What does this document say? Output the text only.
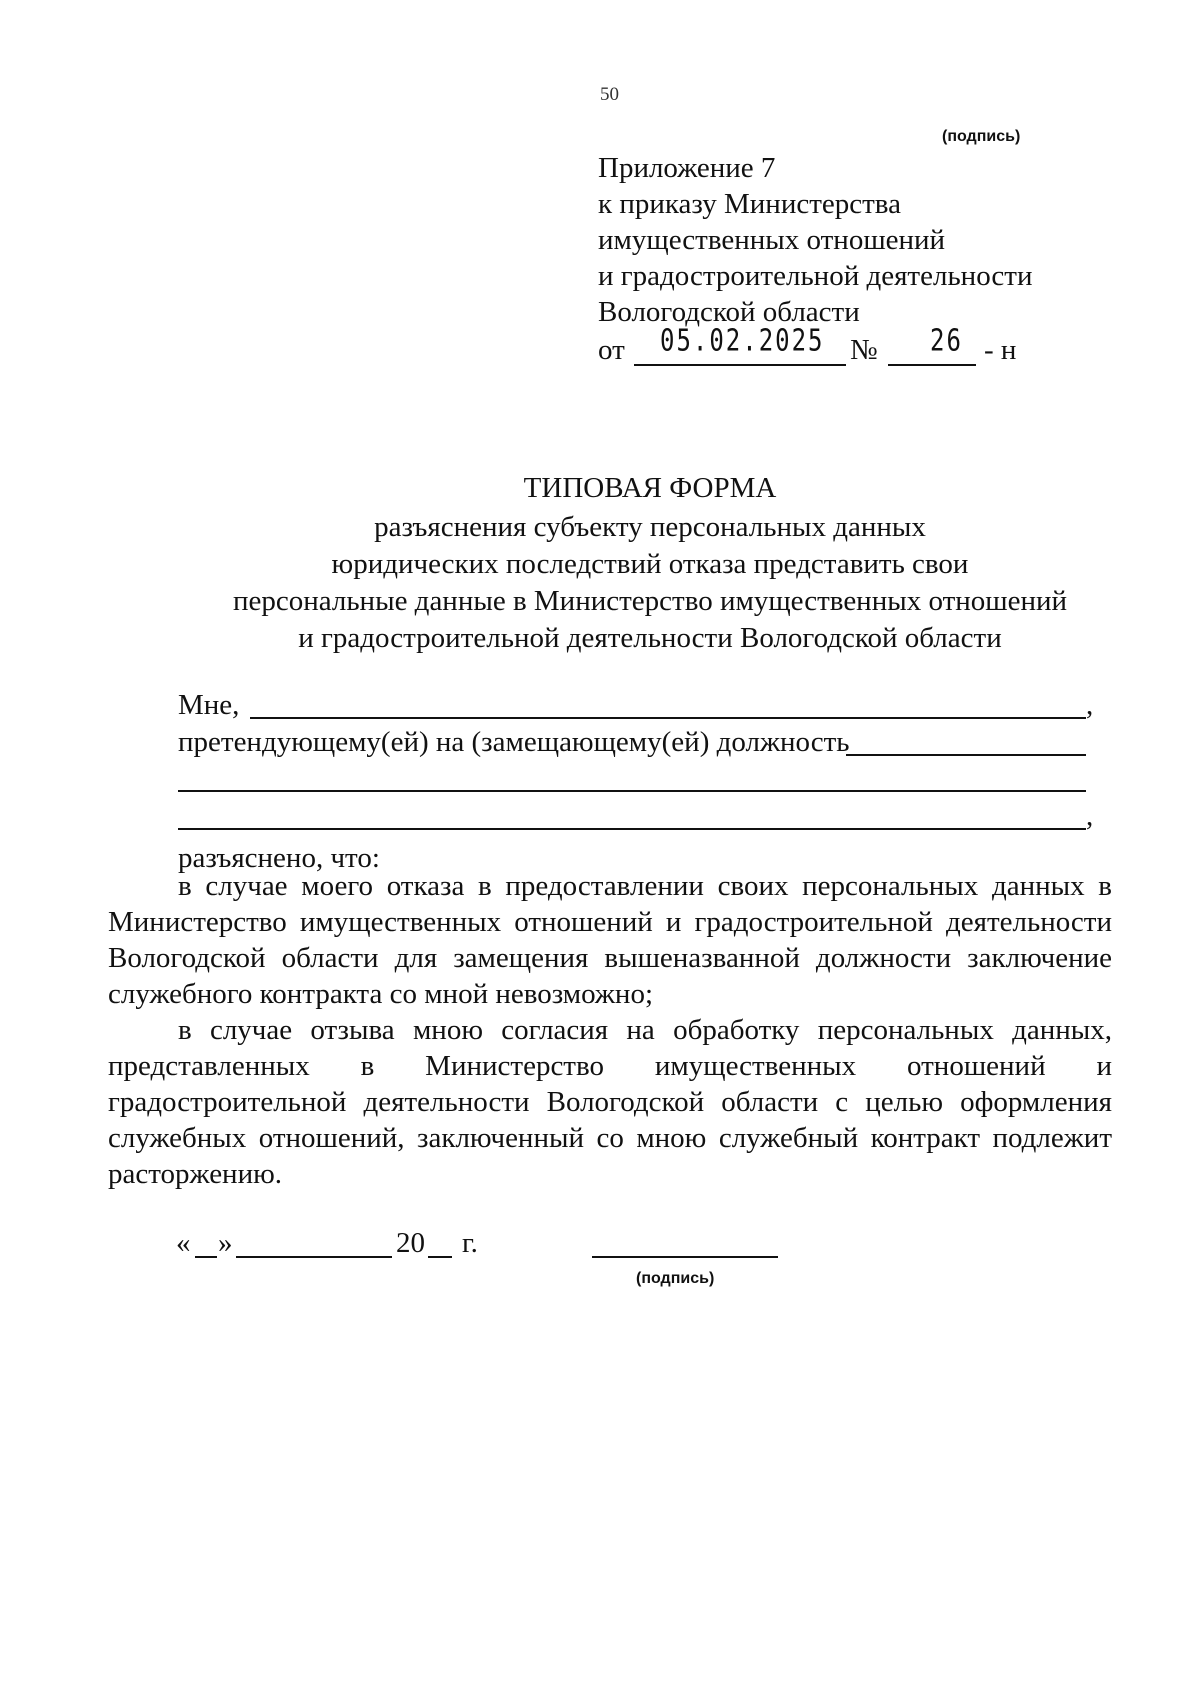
50
(подпись)
Приложение 7
к приказу Министерства
имущественных отношений
и градостроительной деятельности
Вологодской области
от 05.02.2025 № 26 - н
ТИПОВАЯ ФОРМА
разъяснения субъекту персональных данных
юридических последствий отказа представить свои
персональные данные в Министерство имущественных отношений
и градостроительной деятельности Вологодской области
Мне,	,
претендующему(ей) на (замещающему(ей) должность
,
разъяснено, что:
в случае моего отказа в предоставлении своих персональных данных в Министерство имущественных отношений и градостроительной деятельности Вологодской области для замещения вышеназванной должности заключение служебного контракта со мной невозможно;
в случае отзыва мною согласия на обработку персональных данных, представленных в Министерство имущественных отношений и градостроительной деятельности Вологодской области с целью оформления служебных отношений, заключенный со мною служебный контракт подлежит расторжению.
« »	20 г.
(подпись)
